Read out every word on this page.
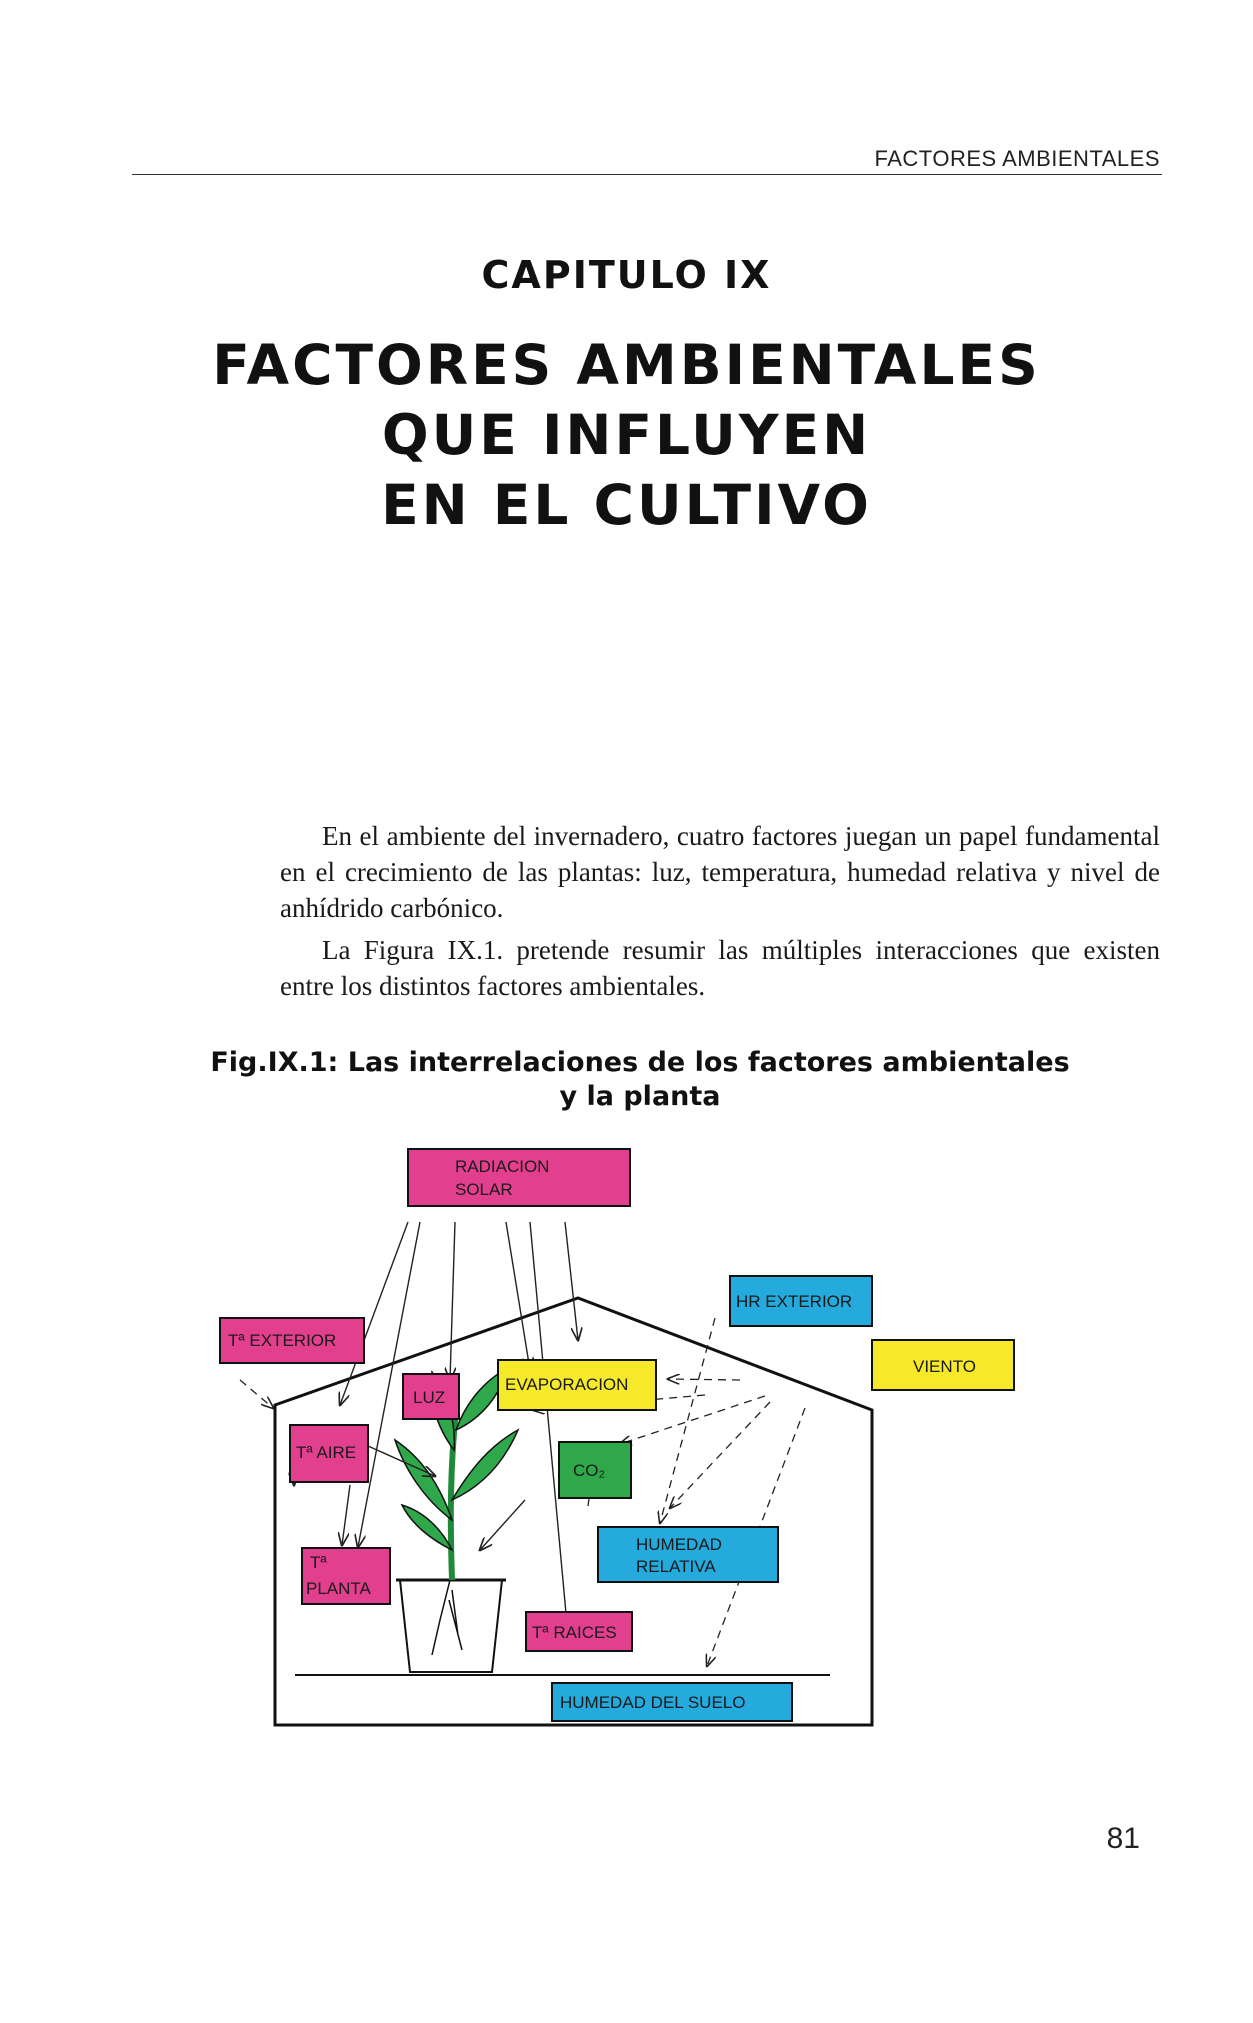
FACTORES AMBIENTALES
CAPITULO IX
FACTORES AMBIENTALES
QUE INFLUYEN
EN EL CULTIVO

En el ambiente del invernadero, cuatro factores juegan un papel fundamental en el crecimiento de las plantas: luz, temperatura, humedad relativa y nivel de anhídrido carbónico.

La Figura IX.1. pretende resumir las múltiples interacciones que existen entre los distintos factores ambientales.

Fig.IX.1: Las interrelaciones de los factores ambientales
y la planta
RADIACION
SOLAR
HR EXTERIOR
Tª EXTERIOR
VIENTO
LUZ
EVAPORACION
Tª AIRE
CO₂
Tª
PLANTA
HUMEDAD
RELATIVA
Tª RAICES
HUMEDAD DEL SUELO
81
